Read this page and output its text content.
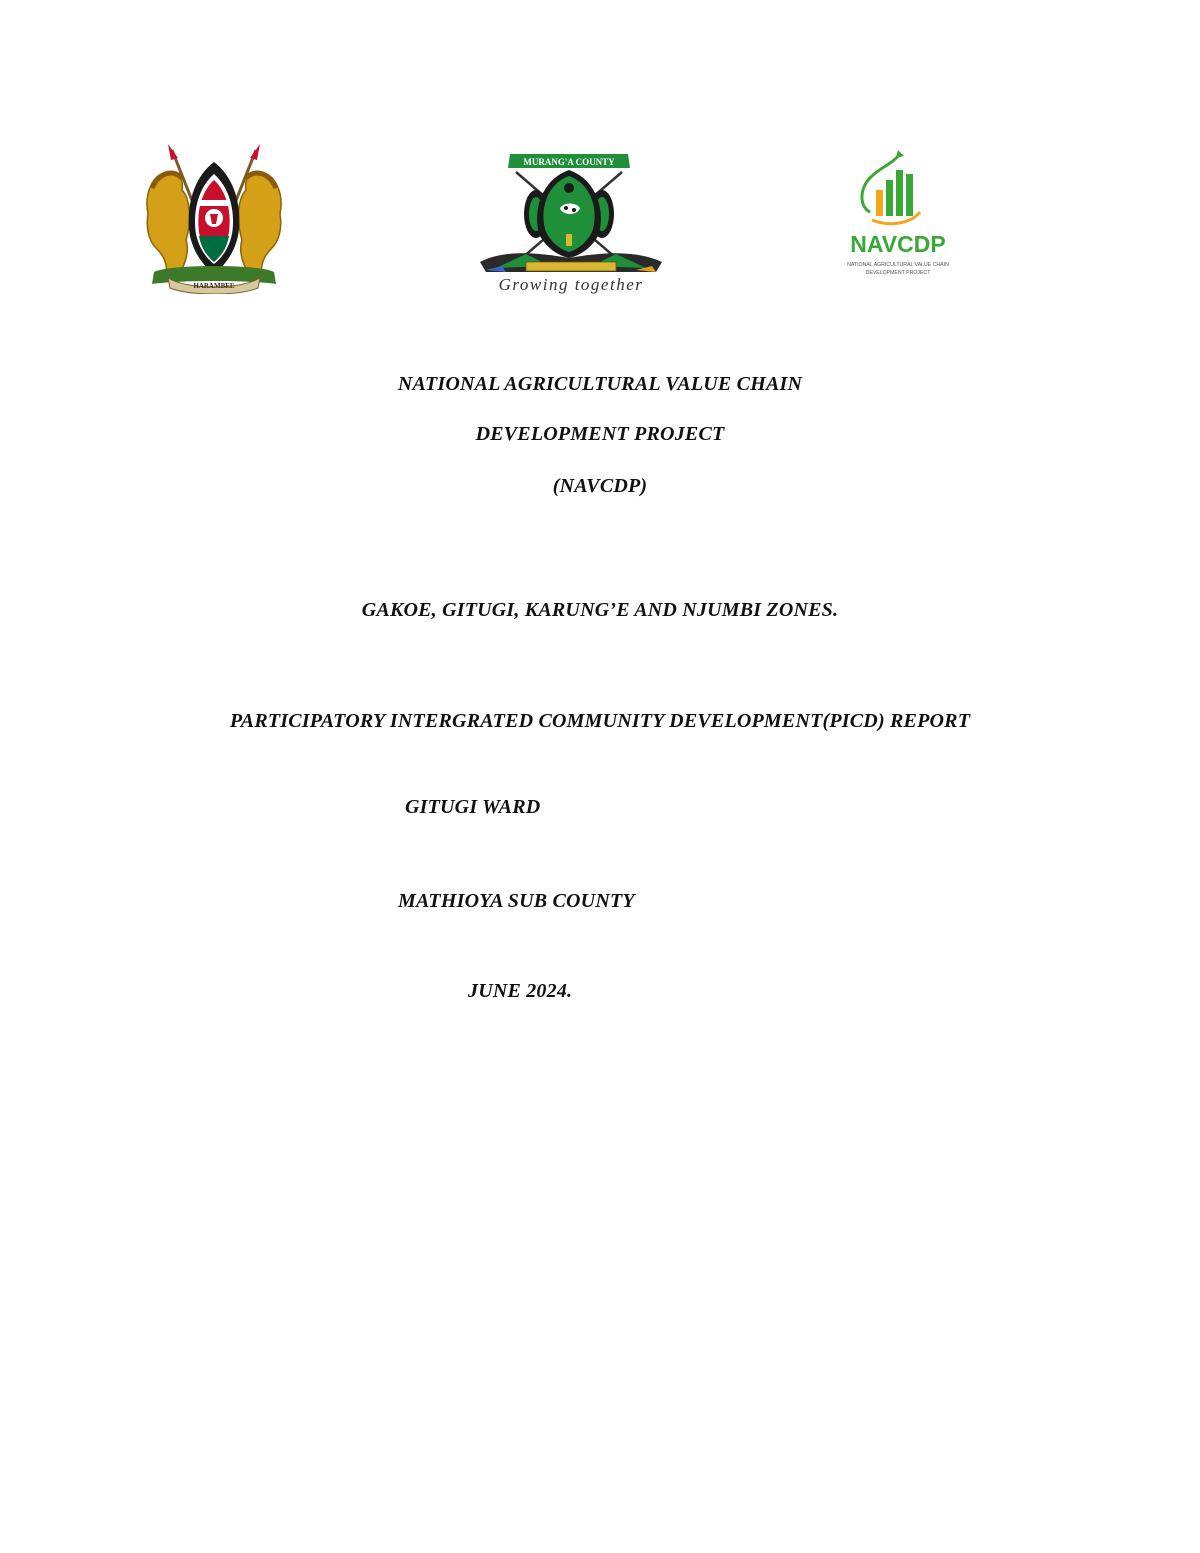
HARAMBEE
MURANG'A COUNTY
Growing together
NAVCDP
NATIONAL AGRICULTURAL VALUE CHAIN
DEVELOPMENT PROJECT
NATIONAL AGRICULTURAL VALUE CHAIN
DEVELOPMENT PROJECT
(NAVCDP)
GAKOE, GITUGI, KARUNG’E AND NJUMBI ZONES.
PARTICIPATORY INTERGRATED COMMUNITY DEVELOPMENT(PICD) REPORT
GITUGI WARD
MATHIOYA SUB COUNTY
JUNE 2024.
